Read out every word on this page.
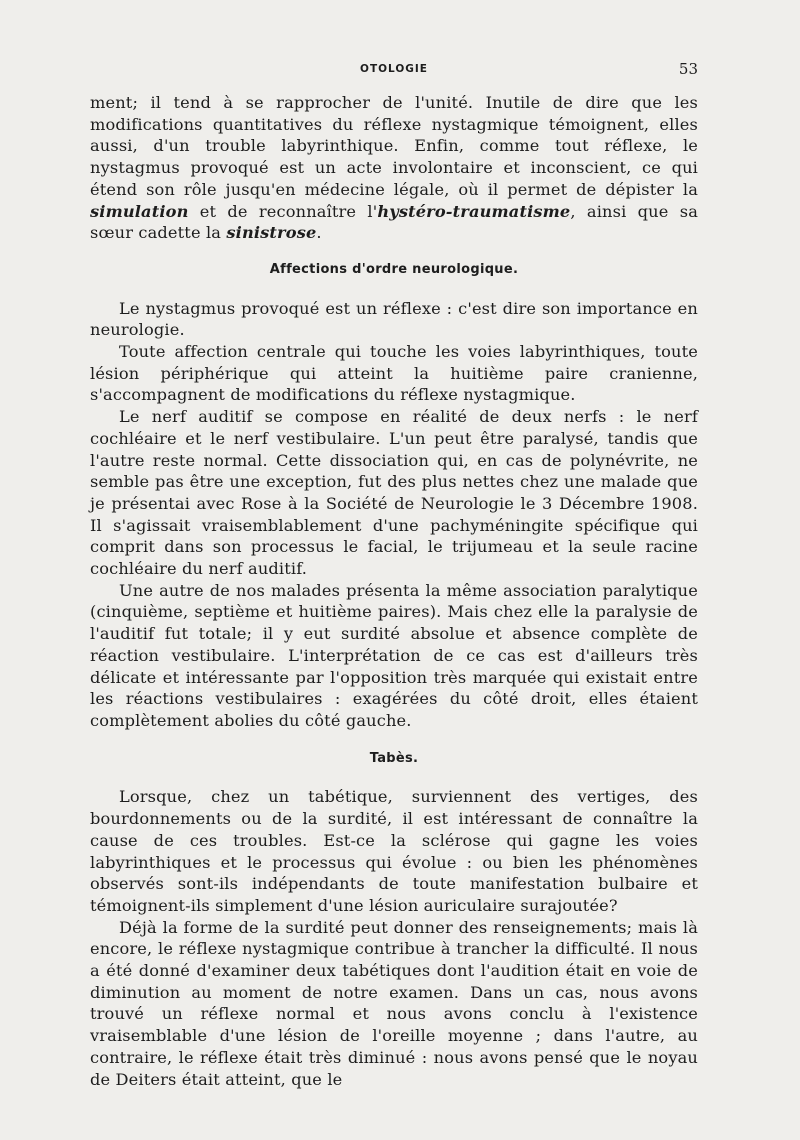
OTOLOGIE	53

ment; il tend à se rapprocher de l'unité. Inutile de dire que les modifications quantitatives du réflexe nystagmique témoignent, elles aussi, d'un trouble labyrinthique. Enfin, comme tout réflexe, le nystagmus provoqué est un acte involontaire et inconscient, ce qui étend son rôle jusqu'en médecine légale, où il permet de dépister la simulation et de reconnaître l'hystéro-traumatisme, ainsi que sa sœur cadette la sinistrose.

Affections d'ordre neurologique.

Le nystagmus provoqué est un réflexe : c'est dire son importance en neurologie.

Toute affection centrale qui touche les voies labyrinthiques, toute lésion périphérique qui atteint la huitième paire cranienne, s'accompagnent de modifications du réflexe nystagmique.

Le nerf auditif se compose en réalité de deux nerfs : le nerf cochléaire et le nerf vestibulaire. L'un peut être paralysé, tandis que l'autre reste normal. Cette dissociation qui, en cas de polynévrite, ne semble pas être une exception, fut des plus nettes chez une malade que je présentai avec Rose à la Société de Neurologie le 3 Décembre 1908. Il s'agissait vraisemblablement d'une pachyméningite spécifique qui comprit dans son processus le facial, le trijumeau et la seule racine cochléaire du nerf auditif.

Une autre de nos malades présenta la même association paralytique (cinquième, septième et huitième paires). Mais chez elle la paralysie de l'auditif fut totale; il y eut surdité absolue et absence complète de réaction vestibulaire. L'interprétation de ce cas est d'ailleurs très délicate et intéressante par l'opposition très marquée qui existait entre les réactions vestibulaires : exagérées du côté droit, elles étaient complètement abolies du côté gauche.

Tabès.

Lorsque, chez un tabétique, surviennent des vertiges, des bourdonnements ou de la surdité, il est intéressant de connaître la cause de ces troubles. Est-ce la sclérose qui gagne les voies labyrinthiques et le processus qui évolue : ou bien les phénomènes observés sont-ils indépendants de toute manifestation bulbaire et témoignent-ils simplement d'une lésion auriculaire surajoutée?

Déjà la forme de la surdité peut donner des renseignements; mais là encore, le réflexe nystagmique contribue à trancher la difficulté. Il nous a été donné d'examiner deux tabétiques dont l'audition était en voie de diminution au moment de notre examen. Dans un cas, nous avons trouvé un réflexe normal et nous avons conclu à l'existence vraisemblable d'une lésion de l'oreille moyenne ; dans l'autre, au contraire, le réflexe était très diminué : nous avons pensé que le noyau de Deiters était atteint, que le
